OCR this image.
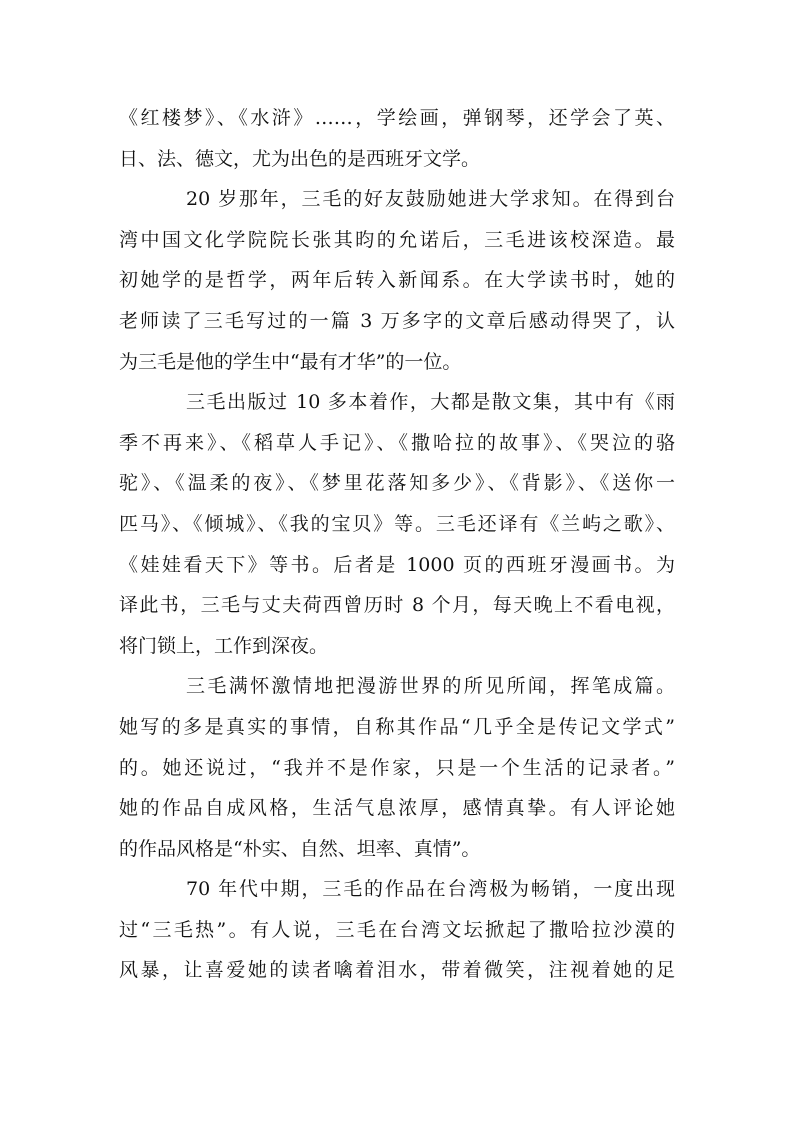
《红楼梦》、《水浒》……，学绘画，弹钢琴，还学会了英、
日、法、德文，尤为出色的是西班牙文学。

20 岁那年，三毛的好友鼓励她进大学求知。在得到台
湾中国文化学院院长张其昀的允诺后，三毛进该校深造。最
初她学的是哲学，两年后转入新闻系。在大学读书时，她的
老师读了三毛写过的一篇 3 万多字的文章后感动得哭了，认
为三毛是他的学生中“最有才华”的一位。

三毛出版过 10 多本着作，大都是散文集，其中有《雨
季不再来》、《稻草人手记》、《撒哈拉的故事》、《哭泣的骆
驼》、《温柔的夜》、《梦里花落知多少》、《背影》、《送你一
匹马》、《倾城》、《我的宝贝》等。三毛还译有《兰屿之歌》、
《娃娃看天下》等书。后者是 1000 页的西班牙漫画书。为
译此书，三毛与丈夫荷西曾历时 8 个月，每天晚上不看电视，
将门锁上，工作到深夜。

三毛满怀激情地把漫游世界的所见所闻，挥笔成篇。
她写的多是真实的事情，自称其作品“几乎全是传记文学式”
的。她还说过，“我并不是作家，只是一个生活的记录者。”
她的作品自成风格，生活气息浓厚，感情真挚。有人评论她
的作品风格是“朴实、自然、坦率、真情”。

70 年代中期，三毛的作品在台湾极为畅销，一度出现
过“三毛热”。有人说，三毛在台湾文坛掀起了撒哈拉沙漠的
风暴，让喜爱她的读者噙着泪水，带着微笑，注视着她的足
